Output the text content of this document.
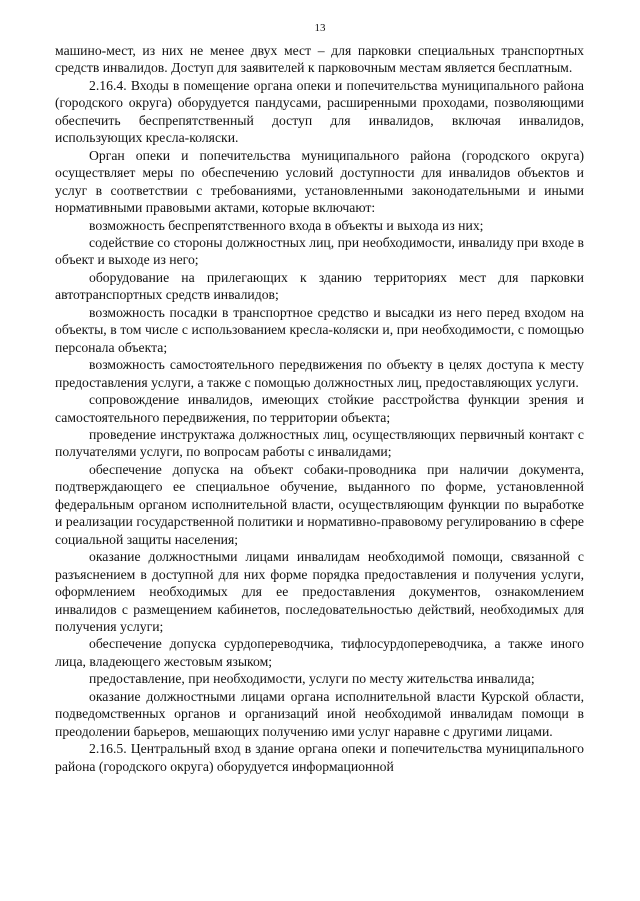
13

машино-мест, из них не менее двух мест – для парковки специальных транспортных средств инвалидов. Доступ для заявителей к парковочным местам является бесплатным.

2.16.4. Входы в помещение органа опеки и попечительства муниципального района (городского округа) оборудуется пандусами, расширенными проходами, позволяющими обеспечить беспрепятственный доступ для инвалидов, включая инвалидов, использующих кресла-коляски.

Орган опеки и попечительства муниципального района (городского округа) осуществляет меры по обеспечению условий доступности для инвалидов объектов и услуг в соответствии с требованиями, установленными законодательными и иными нормативными правовыми актами, которые включают:

возможность беспрепятственного входа в объекты и выхода из них;

содействие со стороны должностных лиц, при необходимости, инвалиду при входе в объект и выходе из него;

оборудование на прилегающих к зданию территориях мест для парковки автотранспортных средств инвалидов;

возможность посадки в транспортное средство и высадки из него перед входом на объекты, в том числе с использованием кресла-коляски и, при необходимости, с помощью персонала объекта;

возможность самостоятельного передвижения по объекту в целях доступа к месту предоставления услуги, а также с помощью должностных лиц, предоставляющих услуги.

сопровождение инвалидов, имеющих стойкие расстройства функции зрения и самостоятельного передвижения, по территории объекта;

проведение инструктажа должностных лиц, осуществляющих первичный контакт с получателями услуги, по вопросам работы с инвалидами;

обеспечение допуска на объект собаки-проводника при наличии документа, подтверждающего ее специальное обучение, выданного по форме, установленной федеральным органом исполнительной власти, осуществляющим функции по выработке и реализации государственной политики и нормативно-правовому регулированию в сфере социальной защиты населения;

оказание должностными лицами инвалидам необходимой помощи, связанной с разъяснением в доступной для них форме порядка предоставления и получения услуги, оформлением необходимых для ее предоставления документов, ознакомлением инвалидов с размещением кабинетов, последовательностью действий, необходимых для получения услуги;

обеспечение допуска сурдопереводчика, тифлосурдопереводчика, а также иного лица, владеющего жестовым языком;

предоставление, при необходимости, услуги по месту жительства инвалида;

оказание должностными лицами органа исполнительной власти Курской области, подведомственных органов и организаций иной необходимой инвалидам помощи в преодолении барьеров, мешающих получению ими услуг наравне с другими лицами.

2.16.5. Центральный вход в здание органа опеки и попечительства муниципального района (городского округа) оборудуется информационной
